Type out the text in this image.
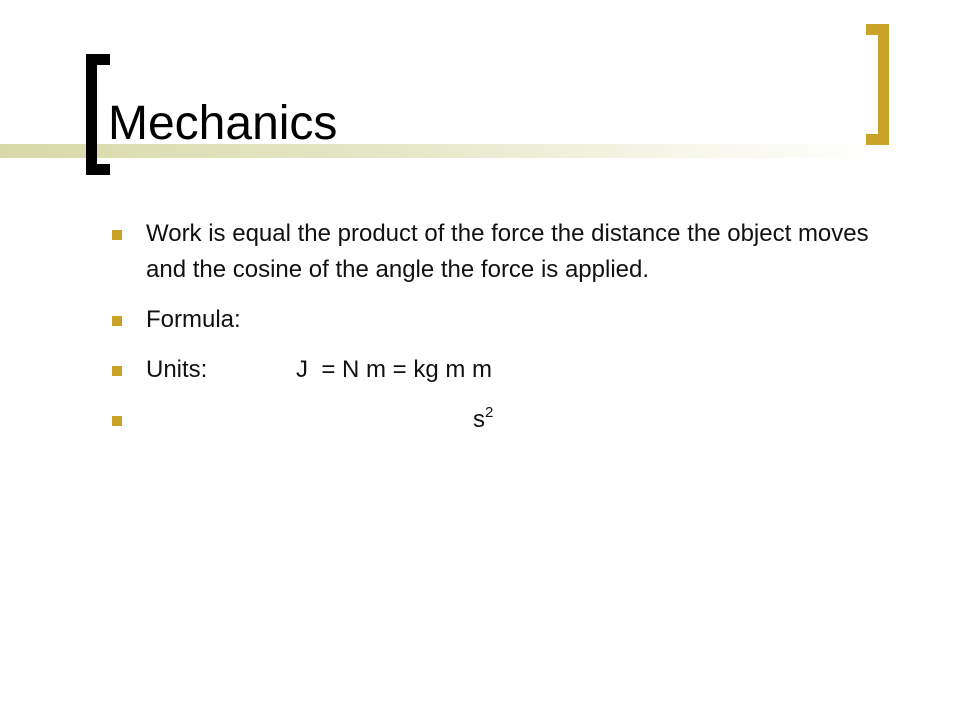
Mechanics
Work is equal the product of the force the distance the object moves and the cosine of the angle the force is applied.
Formula:
Units:	J  = N m = kg m m
$s^2$
